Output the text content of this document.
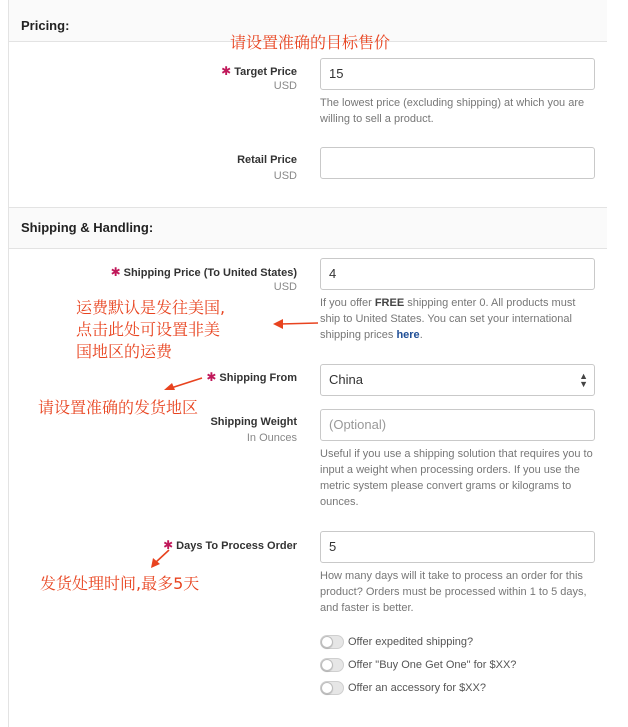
Pricing:
请设置准确的目标售价
✱ Target Price
USD
15
The lowest price (excluding shipping) at which you are willing to sell a product.
Retail Price
USD
Shipping & Handling:
✱ Shipping Price (To United States)
USD
4
If you offer FREE shipping enter 0. All products must ship to United States. You can set your international shipping prices here.
运费默认是发往美国,
点击此处可设置非美
国地区的运费
✱ Shipping From	China	▲
▼
请设置准确的发货地区
Shipping Weight
In Ounces
(Optional)
Useful if you use a shipping solution that requires you to input a weight when processing orders. If you use the metric system please convert grams or kilograms to ounces.
✱ Days To Process Order	5
How many days will it take to process an order for this product? Orders must be processed within 1 to 5 days, and faster is better.
发货处理时间,最多5天
Offer expedited shipping?
Offer "Buy One Get One" for $XX?
Offer an accessory for $XX?
